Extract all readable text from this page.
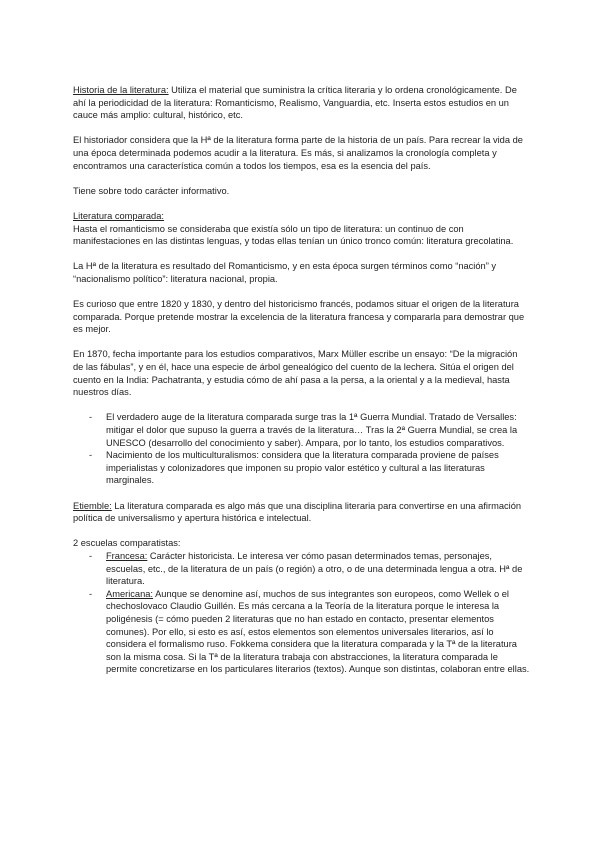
Historia de la literatura: Utiliza el material que suministra la crítica literaria y lo ordena cronológicamente. De ahí la periodicidad de la literatura: Romanticismo, Realismo, Vanguardia, etc. Inserta estos estudios en un cauce más amplio: cultural, histórico, etc.

El historiador considera que la Hª de la literatura forma parte de la historia de un país. Para recrear la vida de una época determinada podemos acudir a la literatura. Es más, si analizamos la cronología completa y encontramos una característica común a todos los tiempos, esa es la esencia del país.

Tiene sobre todo carácter informativo.

Literatura comparada:

Hasta el romanticismo se consideraba que existía sólo un tipo de literatura: un continuo de con manifestaciones en las distintas lenguas, y todas ellas tenían un único tronco común: literatura grecolatina.

La Hª de la literatura es resultado del Romanticismo, y en esta época surgen términos como “nación” y “nacionalismo político”: literatura nacional, propia.

Es curioso que entre 1820 y 1830, y dentro del historicismo francés, podamos situar el origen de la literatura comparada. Porque pretende mostrar la excelencia de la literatura francesa y compararla para demostrar que es mejor.

En 1870, fecha importante para los estudios comparativos, Marx Müller escribe un ensayo: “De la migración de las fábulas”, y en él, hace una especie de árbol genealógico del cuento de la lechera. Sitúa el origen del cuento en la India: Pachatranta, y estudia cómo de ahí pasa a la persa, a la oriental y a la medieval, hasta nuestros días.

- El verdadero auge de la literatura comparada surge tras la 1ª Guerra Mundial. Tratado de Versalles: mitigar el dolor que supuso la guerra a través de la literatura… Tras la 2ª Guerra Mundial, se crea la UNESCO (desarrollo del conocimiento y saber). Ampara, por lo tanto, los estudios comparativos.
- Nacimiento de los multiculturalismos: considera que la literatura comparada proviene de países imperialistas y colonizadores que imponen su propio valor estético y cultural a las literaturas marginales.

Etiemble: La literatura comparada es algo más que una disciplina literaria para convertirse en una afirmación política de universalismo y apertura histórica e intelectual.

2 escuelas comparatistas:
- Francesa: Carácter historicista. Le interesa ver cómo pasan determinados temas, personajes, escuelas, etc., de la literatura de un país (o región) a otro, o de una determinada lengua a otra. Hª de literatura.
- Americana: Aunque se denomine así, muchos de sus integrantes son europeos, como Wellek o el chechoslovaco Claudio Guillén. Es más cercana a la Teoría de la literatura porque le interesa la poligénesis (= cómo pueden 2 literaturas que no han estado en contacto, presentar elementos comunes). Por ello, si esto es así, estos elementos son elementos universales literarios, así lo considera el formalismo ruso. Fokkema considera que la literatura comparada y la Tª de la literatura son la misma cosa. Si la Tª de la literatura trabaja con abstracciones, la literatura comparada le permite concretizarse en los particulares literarios (textos). Aunque son distintas, colaboran entre ellas.
